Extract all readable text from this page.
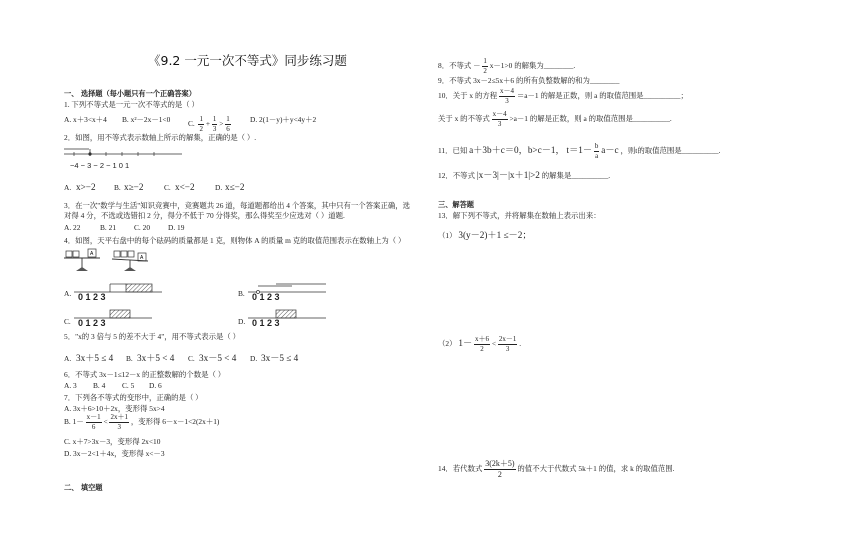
《9.2 一元一次不等式》同步练习题
一、 选择题（每小题只有一个正确答案）
1. 下列不等式是一元一次不等式的是（ ）
A. x＋3<x＋4 B. x²－2x－1<0 C. $\frac{1}{2} + \frac{1}{3} > \frac{1}{6}$	D. 2(1－y)＋y<4y＋2
2．如图，用不等式表示数轴上所示的解集，正确的是（ ）.
−4 − 3 − 2 − 1 0 1
A. x>−2 B. x≥−2	C. x<−2	D. x≤−2
3．在一次"数学与生活"知识竞赛中，竞赛题共 26 道，每道题都给出 4 个答案，其中只有一个答案正确，选
对得 4 分，不选或选错扣 2 分，得分不低于 70 分得奖，那么得奖至少应选对（ ）道题.
A. 22	B. 21 C. 20 D. 19
4．如图，天平右盘中的每个砝码的质量都是 1 克，则物体 A 的质量 m 克的取值范围表示在数轴上为（ ）
A
A
A. 0 1 2 3	B. 0 1 2 3
C. 0 1 2 3	D. 0 1 2 3
5．"x的 3 倍与 5 的差不大于 4"，用不等式表示是（ ）
A. 3x＋5 ≤ 4 B. 3x＋5 < 4 C. 3x－5 < 4 D. 3x－5 ≤ 4
6．不等式 3x－1≤12－x 的正整数解的个数是（ ）
A. 3 B. 4 C. 5 D. 6
7．下列各不等式的变形中，正确的是（ ）
A. 3x＋6>10＋2x，变形得 5x>4
B. $1- \frac{x-1}{6} < \frac{2x+1}{3}$ ，变形得 6－x－1<2(2x＋1)
C. x＋7>3x－3，变形得 2x<10
D. 3x－2<1＋4x，变形得 x<－3
二、 填空题
8．不等式 － $\frac{1}{2} x-1>0$ 的解集为________.
9．不等式 3x－2≤5x＋6 的所有负整数解的和为________
10．关于 x 的方程 $\frac{x-4}{3} =a-1$ 的解是正数，则 a 的取值范围是__________；
关于 x 的不等式 $\frac{x-4}{3} >a-1$ 的解是正数，则 a 的取值范围是__________.
11．已知 a＋3b＋c＝0，b>c－1， $t=1- \frac{b}{a} a-c$ ，则t的取值范围是__________.
12．不等式 |x－3|－|x＋1|>2 的解集是__________.
三、解答题
13．解下列不等式，并将解集在数轴上表示出来：
（1） 3(y－2)＋1 ≤－2；
（2） $1- \frac{x+6}{2} < \frac{2x-1}{3}$ .
14．若代数式 $\frac{3(2k+5)}{2}$ 的值不大于代数式 5k＋1 的值，求 k 的取值范围.
